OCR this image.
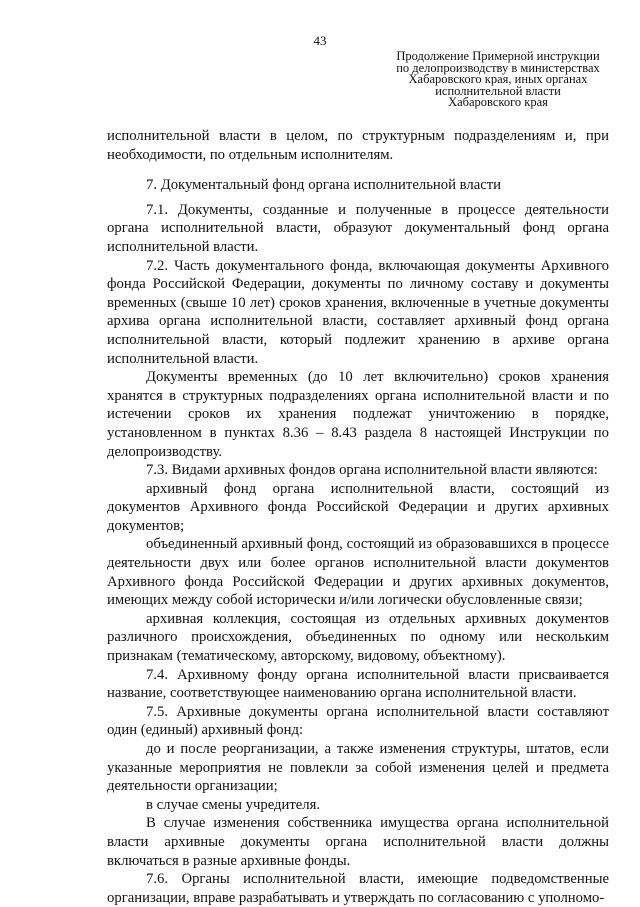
43
Продолжение Примерной инструкции
по делопроизводству в министерствах
Хабаровского края, иных органах
исполнительной власти
Хабаровского края

исполнительной власти в целом, по структурным подразделениям и, при необходимости, по отдельным исполнителям.

7. Документальный фонд органа исполнительной власти

7.1. Документы, созданные и полученные в процессе деятельности органа исполнительной власти, образуют документальный фонд органа исполнительной власти.

7.2. Часть документального фонда, включающая документы Архивного фонда Российской Федерации, документы по личному составу и документы временных (свыше 10 лет) сроков хранения, включенные в учетные документы архива органа исполнительной власти, составляет архивный фонд органа исполнительной власти, который подлежит хранению в архиве органа исполнительной власти.

Документы временных (до 10 лет включительно) сроков хранения хранятся в структурных подразделениях органа исполнительной власти и по истечении сроков их хранения подлежат уничтожению в порядке, установленном в пунктах 8.36 – 8.43 раздела 8 настоящей Инструкции по делопроизводству.

7.3. Видами архивных фондов органа исполнительной власти являются:

архивный фонд органа исполнительной власти, состоящий из документов Архивного фонда Российской Федерации и других архивных документов;

объединенный архивный фонд, состоящий из образовавшихся в процессе деятельности двух или более органов исполнительной власти документов Архивного фонда Российской Федерации и других архивных документов, имеющих между собой исторически и/или логически обусловленные связи;

архивная коллекция, состоящая из отдельных архивных документов различного происхождения, объединенных по одному или нескольким признакам (тематическому, авторскому, видовому, объектному).

7.4. Архивному фонду органа исполнительной власти присваивается название, соответствующее наименованию органа исполнительной власти.

7.5. Архивные документы органа исполнительной власти составляют один (единый) архивный фонд:

до и после реорганизации, а также изменения структуры, штатов, если указанные мероприятия не повлекли за собой изменения целей и предмета деятельности организации;

в случае смены учредителя.

В случае изменения собственника имущества органа исполнительной власти архивные документы органа исполнительной власти должны включаться в разные архивные фонды.

7.6. Органы исполнительной власти, имеющие подведомственные организации, вправе разрабатывать и утверждать по согласованию с уполномо-
